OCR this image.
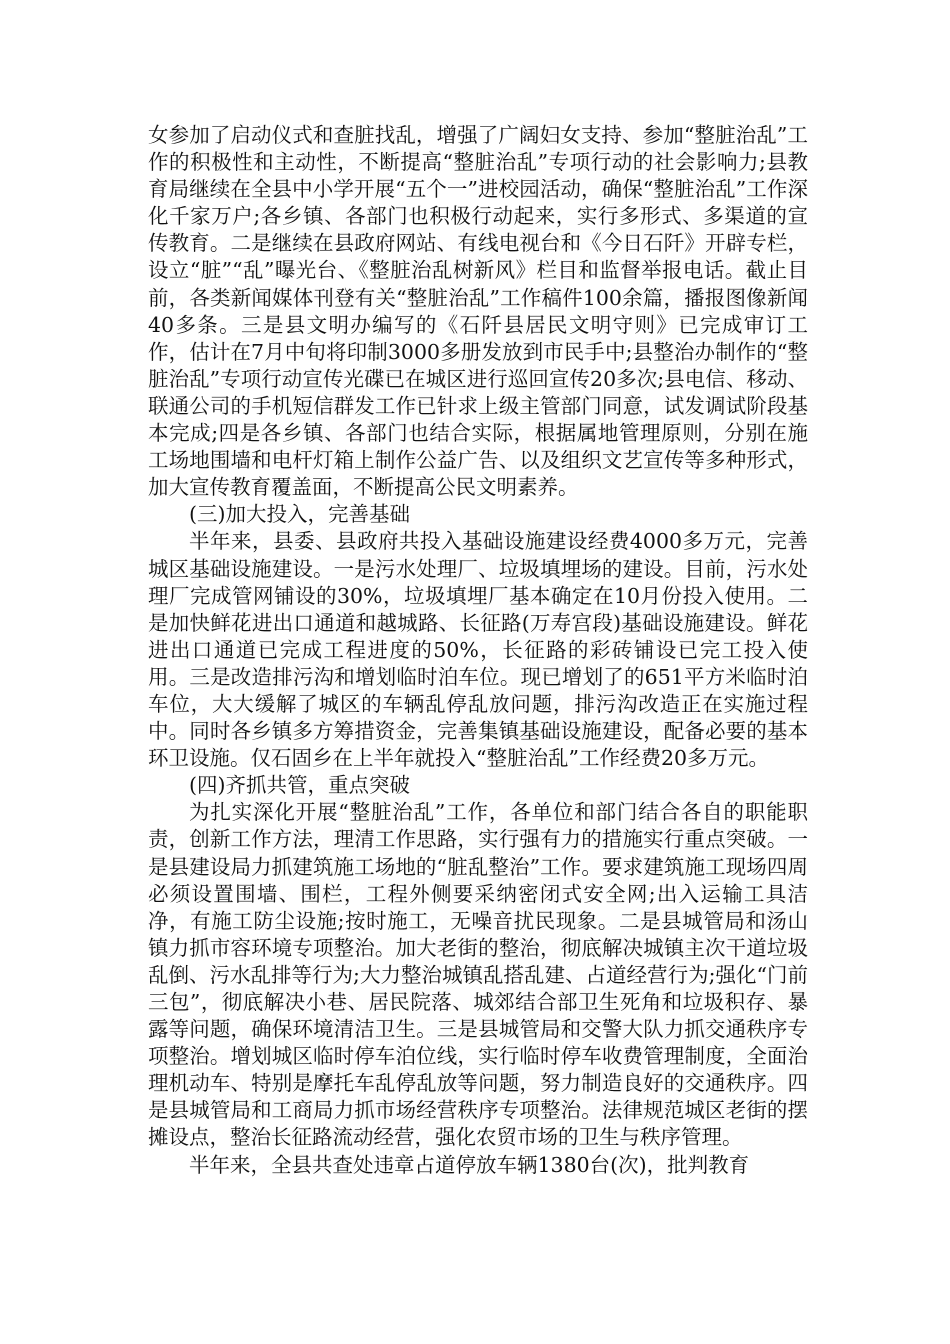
女参加了启动仪式和查脏找乱，增强了广阔妇女支持、参加“整脏治乱”工作的积极性和主动性，不断提高“整脏治乱”专项行动的社会影响力;县教育局继续在全县中小学开展“五个一”进校园活动，确保“整脏治乱”工作深化千家万户;各乡镇、各部门也积极行动起来，实行多形式、多渠道的宣传教育。二是继续在县政府网站、有线电视台和《今日石阡》开辟专栏，设立“脏”“乱”曝光台、《整脏治乱树新风》栏目和监督举报电话。截止目前，各类新闻媒体刊登有关“整脏治乱”工作稿件100余篇，播报图像新闻40多条。三是县文明办编写的《石阡县居民文明守则》已完成审订工作，估计在7月中旬将印制3000多册发放到市民手中;县整治办制作的“整脏治乱”专项行动宣传光碟已在城区进行巡回宣传20多次;县电信、移动、联通公司的手机短信群发工作已针求上级主管部门同意，试发调试阶段基本完成;四是各乡镇、各部门也结合实际，根据属地管理原则，分别在施工场地围墙和电杆灯箱上制作公益广告、以及组织文艺宣传等多种形式，加大宣传教育覆盖面，不断提高公民文明素养。

(三)加大投入，完善基础

半年来，县委、县政府共投入基础设施建设经费4000多万元，完善城区基础设施建设。一是污水处理厂、垃圾填埋场的建设。目前，污水处理厂完成管网铺设的30%，垃圾填埋厂基本确定在10月份投入使用。二是加快鲜花进出口通道和越城路、长征路(万寿宫段)基础设施建设。鲜花进出口通道已完成工程进度的50%，长征路的彩砖铺设已完工投入使用。三是改造排污沟和增划临时泊车位。现已增划了的651平方米临时泊车位，大大缓解了城区的车辆乱停乱放问题，排污沟改造正在实施过程中。同时各乡镇多方筹措资金，完善集镇基础设施建设，配备必要的基本环卫设施。仅石固乡在上半年就投入“整脏治乱”工作经费20多万元。

(四)齐抓共管，重点突破

为扎实深化开展“整脏治乱”工作，各单位和部门结合各自的职能职责，创新工作方法，理清工作思路，实行强有力的措施实行重点突破。一是县建设局力抓建筑施工场地的“脏乱整治”工作。要求建筑施工现场四周必须设置围墙、围栏，工程外侧要采纳密闭式安全网;出入运输工具洁净，有施工防尘设施;按时施工，无噪音扰民现象。二是县城管局和汤山镇力抓市容环境专项整治。加大老街的整治，彻底解决城镇主次干道垃圾乱倒、污水乱排等行为;大力整治城镇乱搭乱建、占道经营行为;强化“门前三包”，彻底解决小巷、居民院落、城郊结合部卫生死角和垃圾积存、暴露等问题，确保环境清洁卫生。三是县城管局和交警大队力抓交通秩序专项整治。增划城区临时停车泊位线，实行临时停车收费管理制度，全面治理机动车、特别是摩托车乱停乱放等问题，努力制造良好的交通秩序。四是县城管局和工商局力抓市场经营秩序专项整治。法律规范城区老街的摆摊设点，整治长征路流动经营，强化农贸市场的卫生与秩序管理。

半年来，全县共查处违章占道停放车辆1380台(次)，批判教育
